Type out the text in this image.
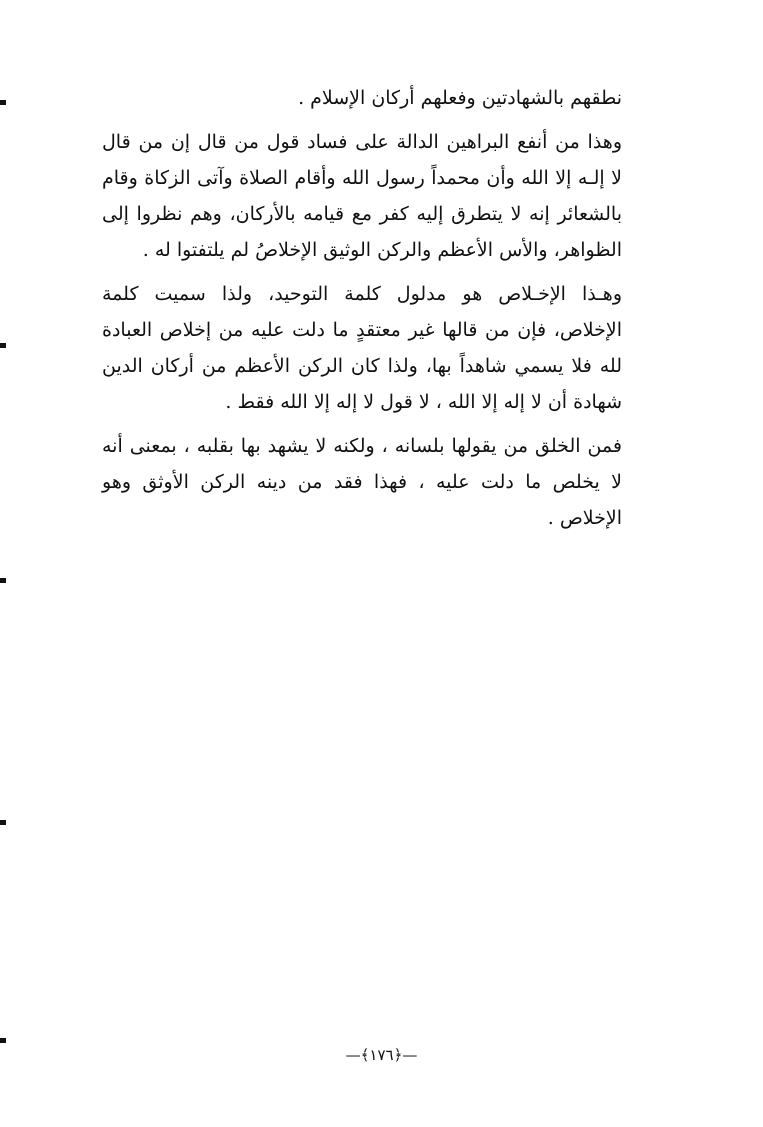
نطقهم بالشهادتين وفعلهم أركان الإسلام .
وهذا من أنفع البراهين الدالة على فساد قول من قال إن من قال
لا إلـه إلا الله وأن محمداً رسول الله وأقام الصلاة وآتى الزكاة وقام
بالشعائر إنه لا يتطرق إليه كفر مع قيامه بالأركان، وهم نظروا إلى
الظواهر، والأس الأعظم والركن الوثيق الإخلاصُ لم يلتفتوا له .
وهـذا الإخـلاص هو مدلول كلمة التوحيد، ولذا سميت كلمة
الإخلاص، فإن من قالها غير معتقدٍ ما دلت عليه من إخلاص العبادة
لله فلا يسمي شاهداً بها، ولذا كان الركن الأعظم من أركان الدين
شهادة أن لا إله إلا الله ، لا قول لا إله إلا الله فقط .
فمن الخلق من يقولها بلسانه ، ولكنه لا يشهد بها بقلبه ، بمعنى أنه
لا يخلص ما دلت عليه ، فهذا فقد من دينه الركن الأوثق وهو
الإخلاص .
—﴿١٧٦﴾—
